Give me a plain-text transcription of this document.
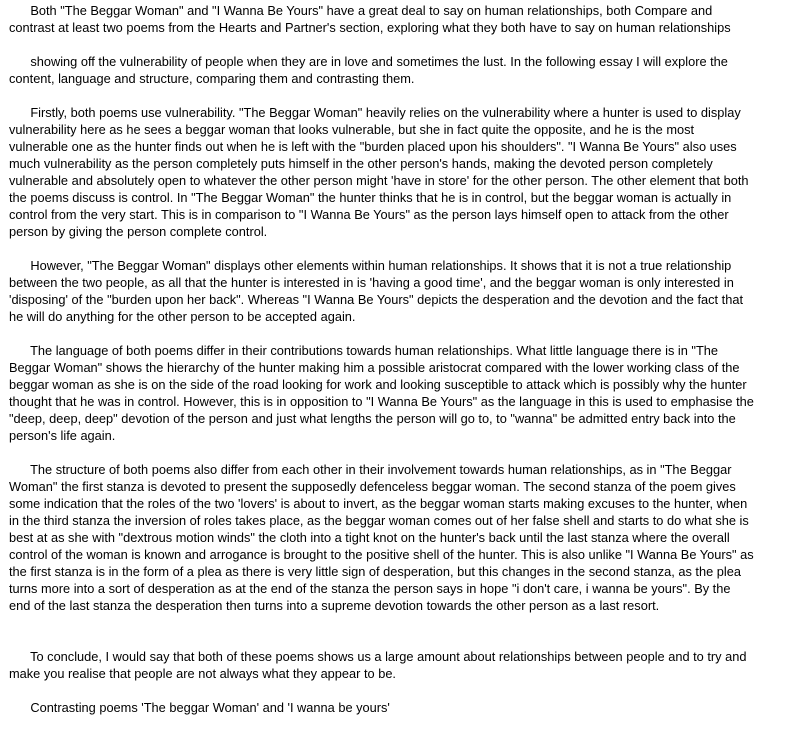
Both "The Beggar Woman" and "I Wanna Be Yours" have a great deal to say on human relationships, both Compare and
contrast at least two poems from the Hearts and Partner's section, exploring what they both have to say on human relationships

showing off the vulnerability of people when they are in love and sometimes the lust. In the following essay I will explore the
content, language and structure, comparing them and contrasting them.

Firstly, both poems use vulnerability. "The Beggar Woman" heavily relies on the vulnerability where a hunter is used to display
vulnerability here as he sees a beggar woman that looks vulnerable, but she in fact quite the opposite, and he is the most
vulnerable one as the hunter finds out when he is left with the "burden placed upon his shoulders". "I Wanna Be Yours" also uses
much vulnerability as the person completely puts himself in the other person's hands, making the devoted person completely
vulnerable and absolutely open to whatever the other person might 'have in store' for the other person. The other element that both
the poems discuss is control. In "The Beggar Woman" the hunter thinks that he is in control, but the beggar woman is actually in
control from the very start. This is in comparison to "I Wanna Be Yours" as the person lays himself open to attack from the other
person by giving the person complete control.

However, "The Beggar Woman" displays other elements within human relationships. It shows that it is not a true relationship
between the two people, as all that the hunter is interested in is 'having a good time', and the beggar woman is only interested in
'disposing' of the "burden upon her back". Whereas "I Wanna Be Yours" depicts the desperation and the devotion and the fact that
he will do anything for the other person to be accepted again.

The language of both poems differ in their contributions towards human relationships. What little language there is in "The
Beggar Woman" shows the hierarchy of the hunter making him a possible aristocrat compared with the lower working class of the
beggar woman as she is on the side of the road looking for work and looking susceptible to attack which is possibly why the hunter
thought that he was in control. However, this is in opposition to "I Wanna Be Yours" as the language in this is used to emphasise the
"deep, deep, deep" devotion of the person and just what lengths the person will go to, to "wanna" be admitted entry back into the
person's life again.

The structure of both poems also differ from each other in their involvement towards human relationships, as in "The Beggar
Woman" the first stanza is devoted to present the supposedly defenceless beggar woman. The second stanza of the poem gives
some indication that the roles of the two 'lovers' is about to invert, as the beggar woman starts making excuses to the hunter, when
in the third stanza the inversion of roles takes place, as the beggar woman comes out of her false shell and starts to do what she is
best at as she with "dextrous motion winds" the cloth into a tight knot on the hunter's back until the last stanza where the overall
control of the woman is known and arrogance is brought to the positive shell of the hunter. This is also unlike "I Wanna Be Yours" as
the first stanza is in the form of a plea as there is very little sign of desperation, but this changes in the second stanza, as the plea
turns more into a sort of desperation as at the end of the stanza the person says in hope "i don't care, i wanna be yours". By the
end of the last stanza the desperation then turns into a supreme devotion towards the other person as a last resort.

To conclude, I would say that both of these poems shows us a large amount about relationships between people and to try and
make you realise that people are not always what they appear to be.

Contrasting poems 'The beggar Woman' and 'I wanna be yours'
